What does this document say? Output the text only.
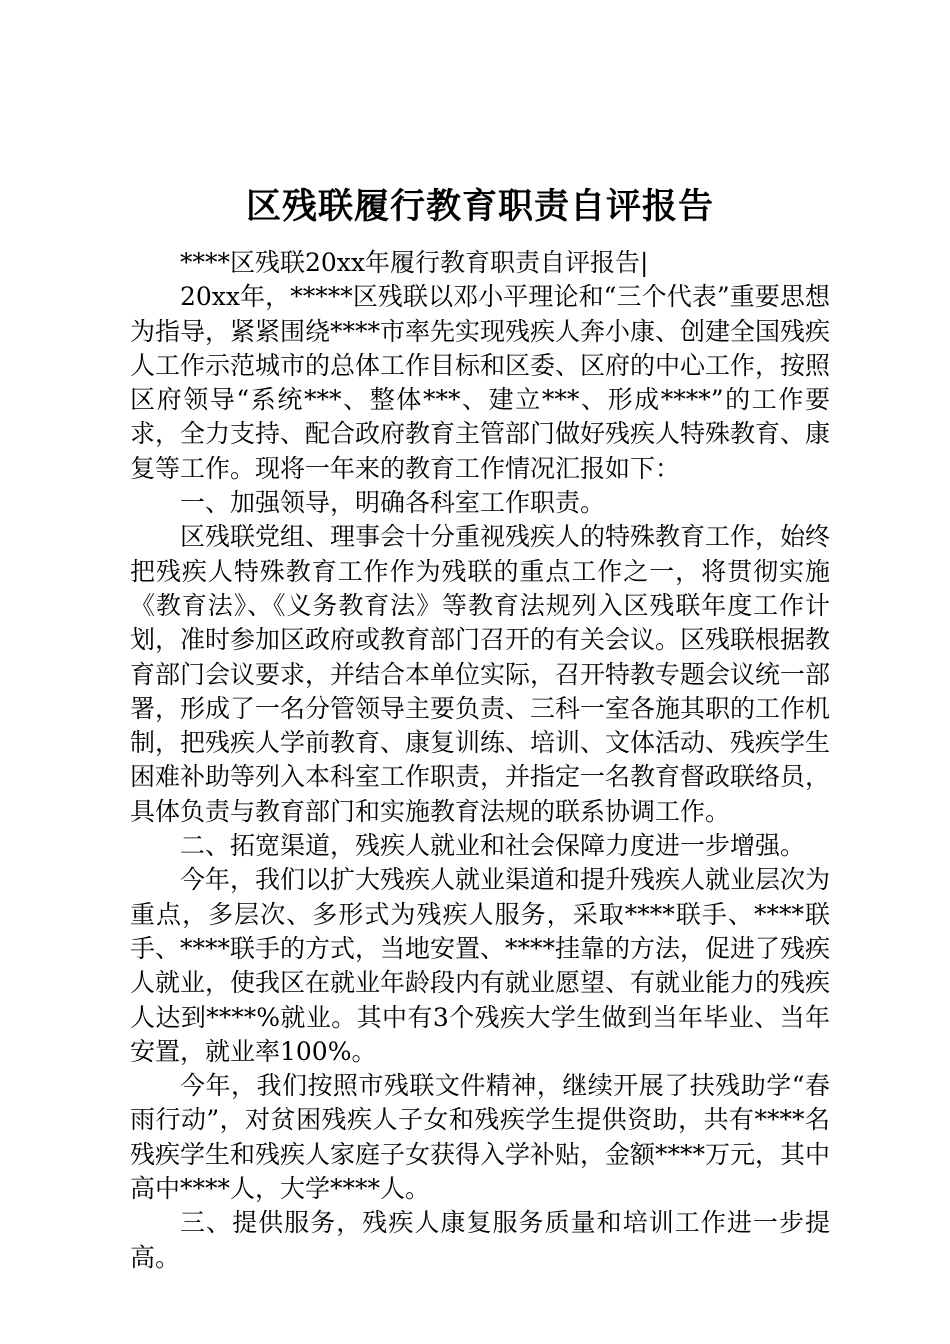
区残联履行教育职责自评报告

****区残联20xx年履行教育职责自评报告|

20xx年，*****区残联以邓小平理论和“三个代表”重要思想为指导，紧紧围绕****市率先实现残疾人奔小康、创建全国残疾人工作示范城市的总体工作目标和区委、区府的中心工作，按照区府领导“系统***、整体***、建立***、形成****”的工作要求，全力支持、配合政府教育主管部门做好残疾人特殊教育、康复等工作。现将一年来的教育工作情况汇报如下：

一、加强领导，明确各科室工作职责。

区残联党组、理事会十分重视残疾人的特殊教育工作，始终把残疾人特殊教育工作作为残联的重点工作之一，将贯彻实施《教育法》、《义务教育法》等教育法规列入区残联年度工作计划，准时参加区政府或教育部门召开的有关会议。区残联根据教育部门会议要求，并结合本单位实际，召开特教专题会议统一部署，形成了一名分管领导主要负责、三科一室各施其职的工作机制，把残疾人学前教育、康复训练、培训、文体活动、残疾学生困难补助等列入本科室工作职责，并指定一名教育督政联络员，具体负责与教育部门和实施教育法规的联系协调工作。

二、拓宽渠道，残疾人就业和社会保障力度进一步增强。

今年，我们以扩大残疾人就业渠道和提升残疾人就业层次为重点，多层次、多形式为残疾人服务，采取****联手、****联手、****联手的方式，当地安置、****挂靠的方法，促进了残疾人就业，使我区在就业年龄段内有就业愿望、有就业能力的残疾人达到****%就业。其中有3个残疾大学生做到当年毕业、当年安置，就业率100%。

今年，我们按照市残联文件精神，继续开展了扶残助学“春雨行动”，对贫困残疾人子女和残疾学生提供资助，共有****名残疾学生和残疾人家庭子女获得入学补贴，金额****万元，其中高中****人，大学****人。

三、提供服务，残疾人康复服务质量和培训工作进一步提高。
